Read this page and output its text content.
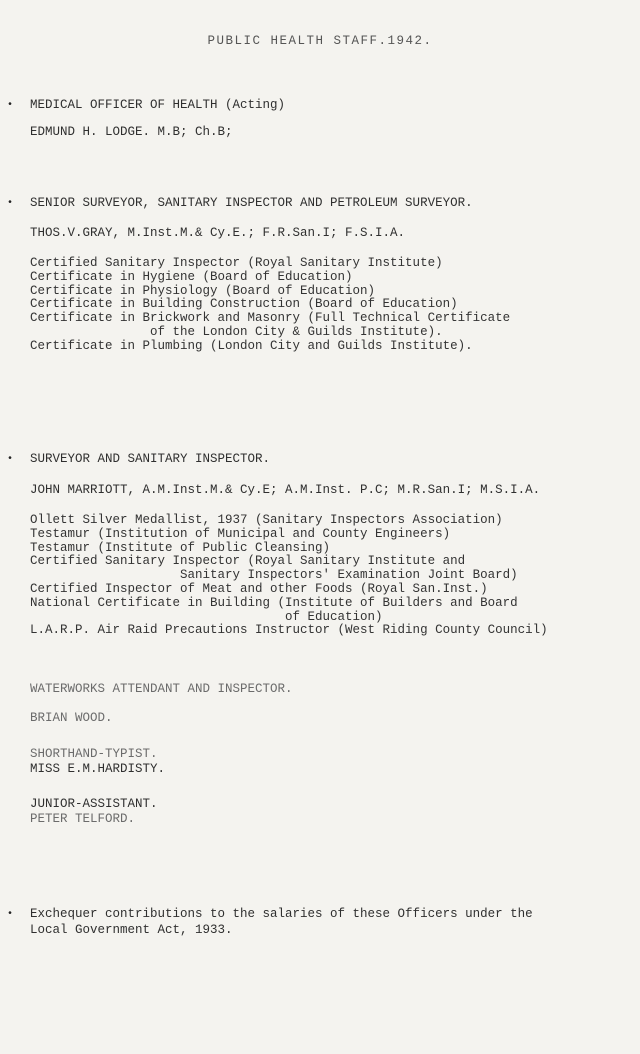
PUBLIC HEALTH STAFF.1942.
• MEDICAL OFFICER OF HEALTH (Acting)
EDMUND H. LODGE. M.B; Ch.B;
• SENIOR SURVEYOR, SANITARY INSPECTOR AND PETROLEUM SURVEYOR.
THOS.V.GRAY, M.Inst.M.& Cy.E.; F.R.San.I; F.S.I.A.
Certified Sanitary Inspector (Royal Sanitary Institute)
Certificate in Hygiene (Board of Education)
Certificate in Physiology (Board of Education)
Certificate in Building Construction (Board of Education)
Certificate in Brickwork and Masonry (Full Technical Certificate
of the London City & Guilds Institute).
Certificate in Plumbing (London City and Guilds Institute).
• SURVEYOR AND SANITARY INSPECTOR.
JOHN MARRIOTT, A.M.Inst.M.& Cy.E; A.M.Inst. P.C; M.R.San.I; M.S.I.A.
Ollett Silver Medallist, 1937 (Sanitary Inspectors Association)
Testamur (Institution of Municipal and County Engineers)
Testamur (Institute of Public Cleansing)
Certified Sanitary Inspector (Royal Sanitary Institute and
Sanitary Inspectors' Examination Joint Board)
Certified Inspector of Meat and other Foods (Royal San.Inst.)
National Certificate in Building (Institute of Builders and Board
of Education)
L.A.R.P. Air Raid Precautions Instructor (West Riding County Council)
WATERWORKS ATTENDANT AND INSPECTOR.
BRIAN WOOD.
SHORTHAND-TYPIST.
MISS E.M.HARDISTY.
JUNIOR-ASSISTANT.
PETER TELFORD.
• Exchequer contributions to the salaries of these Officers under the
Local Government Act, 1933.
